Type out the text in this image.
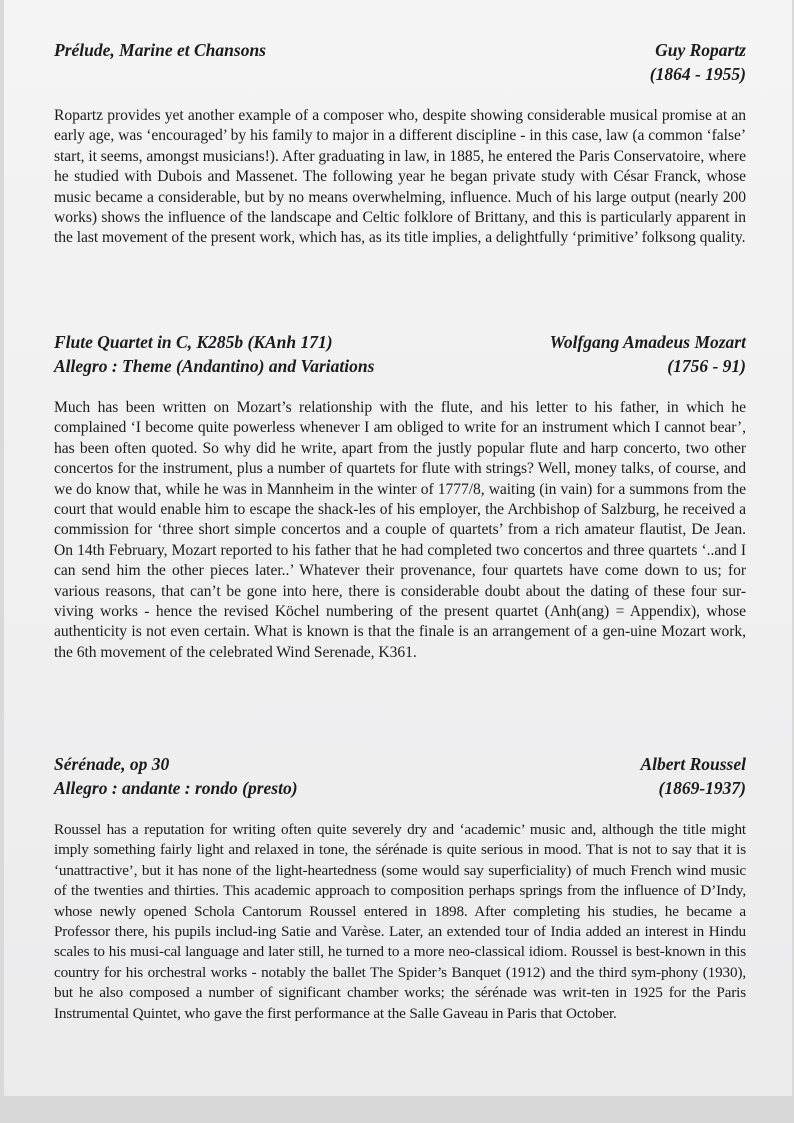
Prélude, Marine et Chansons	Guy Ropartz
(1864 - 1955)

Ropartz provides yet another example of a composer who, despite showing considerable musical promise at an early age, was ‘encouraged’ by his family to major in a different discipline - in this case, law (a common ‘false’ start, it seems, amongst musicians!). After graduating in law, in 1885, he entered the Paris Conservatoire, where he studied with Dubois and Massenet. The following year he began private study with César Franck, whose music became a considerable, but by no means overwhelming, influence. Much of his large output (nearly 200 works) shows the influence of the landscape and Celtic folklore of Brittany, and this is particularly apparent in the last movement of the present work, which has, as its title implies, a delightfully ‘primitive’ folksong quality.

Flute Quartet in C, K285b (KAnh 171)
Allegro : Theme (Andantino) and Variations
Wolfgang Amadeus Mozart
(1756 - 91)

Much has been written on Mozart’s relationship with the flute, and his letter to his father, in which he complained ‘I become quite powerless whenever I am obliged to write for an instrument which I cannot bear’, has been often quoted. So why did he write, apart from the justly popular flute and harp concerto, two other concertos for the instrument, plus a number of quartets for flute with strings? Well, money talks, of course, and we do know that, while he was in Mannheim in the winter of 1777/8, waiting (in vain) for a summons from the court that would enable him to escape the shack-les of his employer, the Archbishop of Salzburg, he received a commission for ‘three short simple concertos and a couple of quartets’ from a rich amateur flautist, De Jean. On 14th February, Mozart reported to his father that he had completed two concertos and three quartets ‘..and I can send him the other pieces later..’ Whatever their provenance, four quartets have come down to us; for various reasons, that can’t be gone into here, there is considerable doubt about the dating of these four sur-viving works - hence the revised Köchel numbering of the present quartet (Anh(ang) = Appendix), whose authenticity is not even certain. What is known is that the finale is an arrangement of a gen-uine Mozart work, the 6th movement of the celebrated Wind Serenade, K361.

Sérénade, op 30
Allegro : andante : rondo (presto)
Albert Roussel
(1869-1937)

Roussel has a reputation for writing often quite severely dry and ‘academic’ music and, although the title might imply something fairly light and relaxed in tone, the sérénade is quite serious in mood. That is not to say that it is ‘unattractive’, but it has none of the light-heartedness (some would say superficiality) of much French wind music of the twenties and thirties. This academic approach to composition perhaps springs from the influence of D’Indy, whose newly opened Schola Cantorum Roussel entered in 1898. After completing his studies, he became a Professor there, his pupils includ-ing Satie and Varèse. Later, an extended tour of India added an interest in Hindu scales to his musi-cal language and later still, he turned to a more neo-classical idiom. Roussel is best-known in this country for his orchestral works - notably the ballet The Spider’s Banquet (1912) and the third sym-phony (1930), but he also composed a number of significant chamber works; the sérénade was writ-ten in 1925 for the Paris Instrumental Quintet, who gave the first performance at the Salle Gaveau in Paris that October.
